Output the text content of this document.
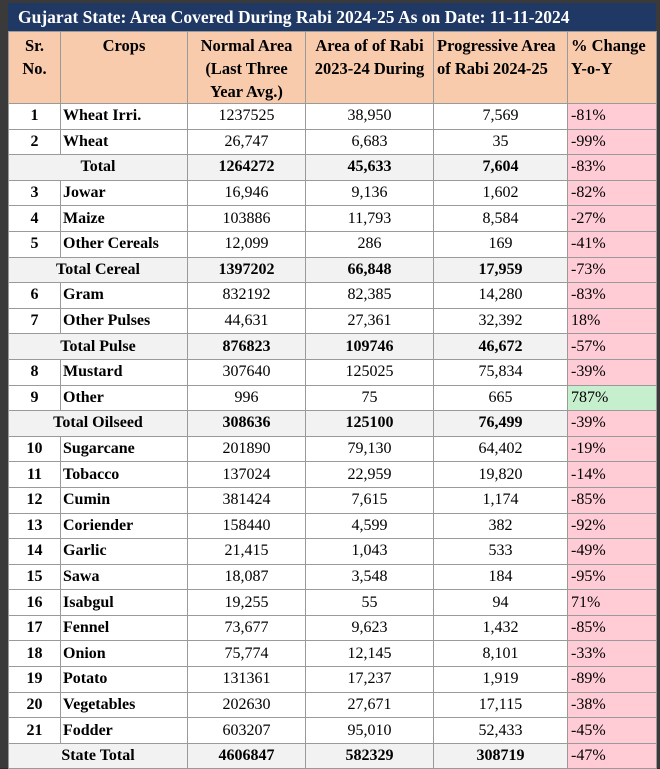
Gujarat State: Area Covered During Rabi 2024-25 As on Date: 11-11-2024
Sr. No.	Crops	Normal Area (Last Three Year Avg.)	Area of of Rabi 2023-24 During	Progressive Area of Rabi 2024-25	% Change Y-o-Y
1	Wheat Irri.	1237525	38,950	7,569	-81%
2	Wheat	26,747	6,683	35	-99%
Total		1264272	45,633	7,604	-83%
3	Jowar	16,946	9,136	1,602	-82%
4	Maize	103886	11,793	8,584	-27%
5	Other Cereals	12,099	286	169	-41%
Total Cereal		1397202	66,848	17,959	-73%
6	Gram	832192	82,385	14,280	-83%
7	Other Pulses	44,631	27,361	32,392	18%
Total Pulse		876823	109746	46,672	-57%
8	Mustard	307640	125025	75,834	-39%
9	Other	996	75	665	787%
Total Oilseed		308636	125100	76,499	-39%
10	Sugarcane	201890	79,130	64,402	-19%
11	Tobacco	137024	22,959	19,820	-14%
12	Cumin	381424	7,615	1,174	-85%
13	Coriender	158440	4,599	382	-92%
14	Garlic	21,415	1,043	533	-49%
15	Sawa	18,087	3,548	184	-95%
16	Isabgul	19,255	55	94	71%
17	Fennel	73,677	9,623	1,432	-85%
18	Onion	75,774	12,145	8,101	-33%
19	Potato	131361	17,237	1,919	-89%
20	Vegetables	202630	27,671	17,115	-38%
21	Fodder	603207	95,010	52,433	-45%
State Total		4606847	582329	308719	-47%
